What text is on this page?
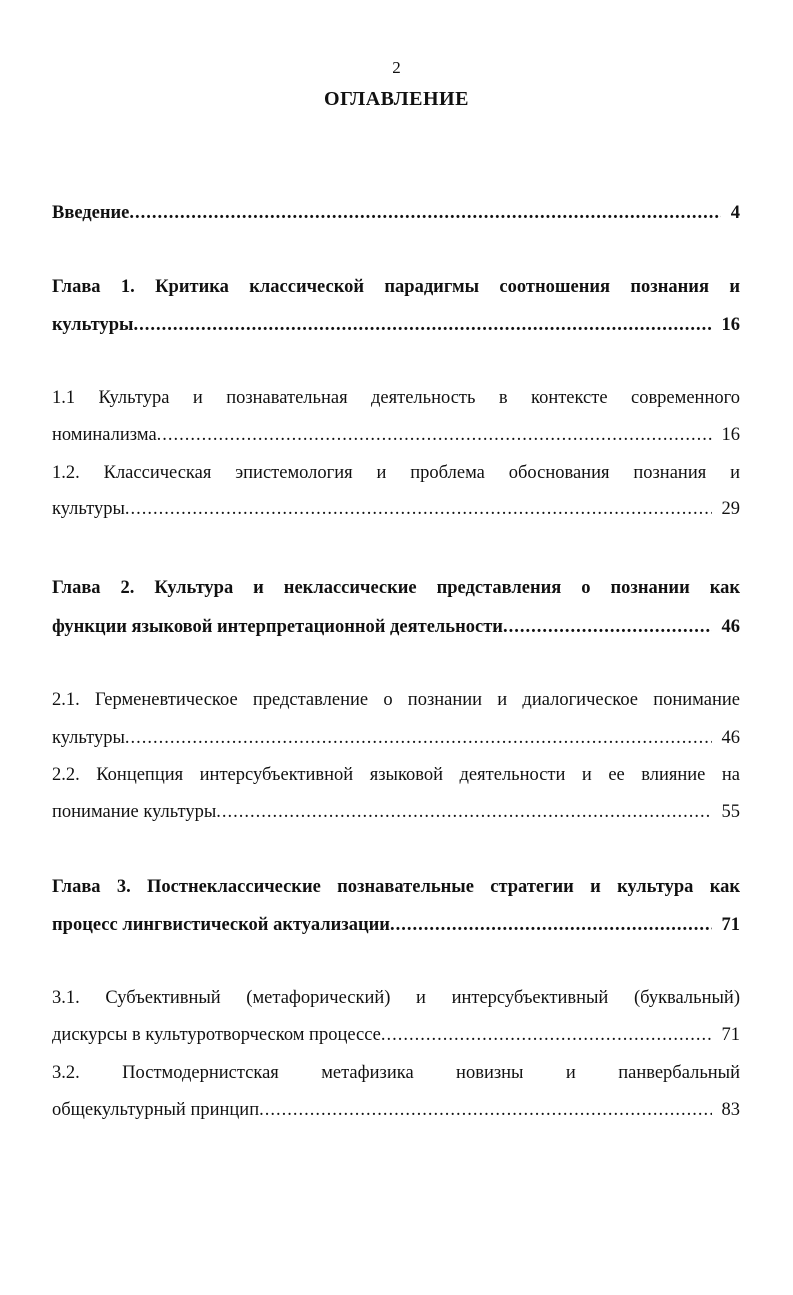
2
ОГЛАВЛЕНИЕ
Введение .....	4
Глава 1. Критика классической парадигмы соотношения познания и
культуры .....	16
1.1 Культура и познавательная деятельность в контексте современного
номинализма .....	16
1.2. Классическая эпистемология и проблема обоснования познания и
культуры .....	29
Глава 2. Культура и неклассические представления о познании как
функции языковой интерпретационной деятельности .....	46
2.1. Герменевтическое представление о познании и диалогическое понимание
культуры .....	46
2.2. Концепция интерсубъективной языковой деятельности и ее влияние на
понимание культуры .....	55
Глава 3. Постнеклассические познавательные стратегии и культура как
процесс лингвистической актуализации .....	71
3.1. Субъективный (метафорический) и интерсубъективный (буквальный)
дискурсы в культуротворческом процессе .....	71
3.2. Постмодернистская метафизика новизны и панвербальный
общекультурный принцип .....	83
